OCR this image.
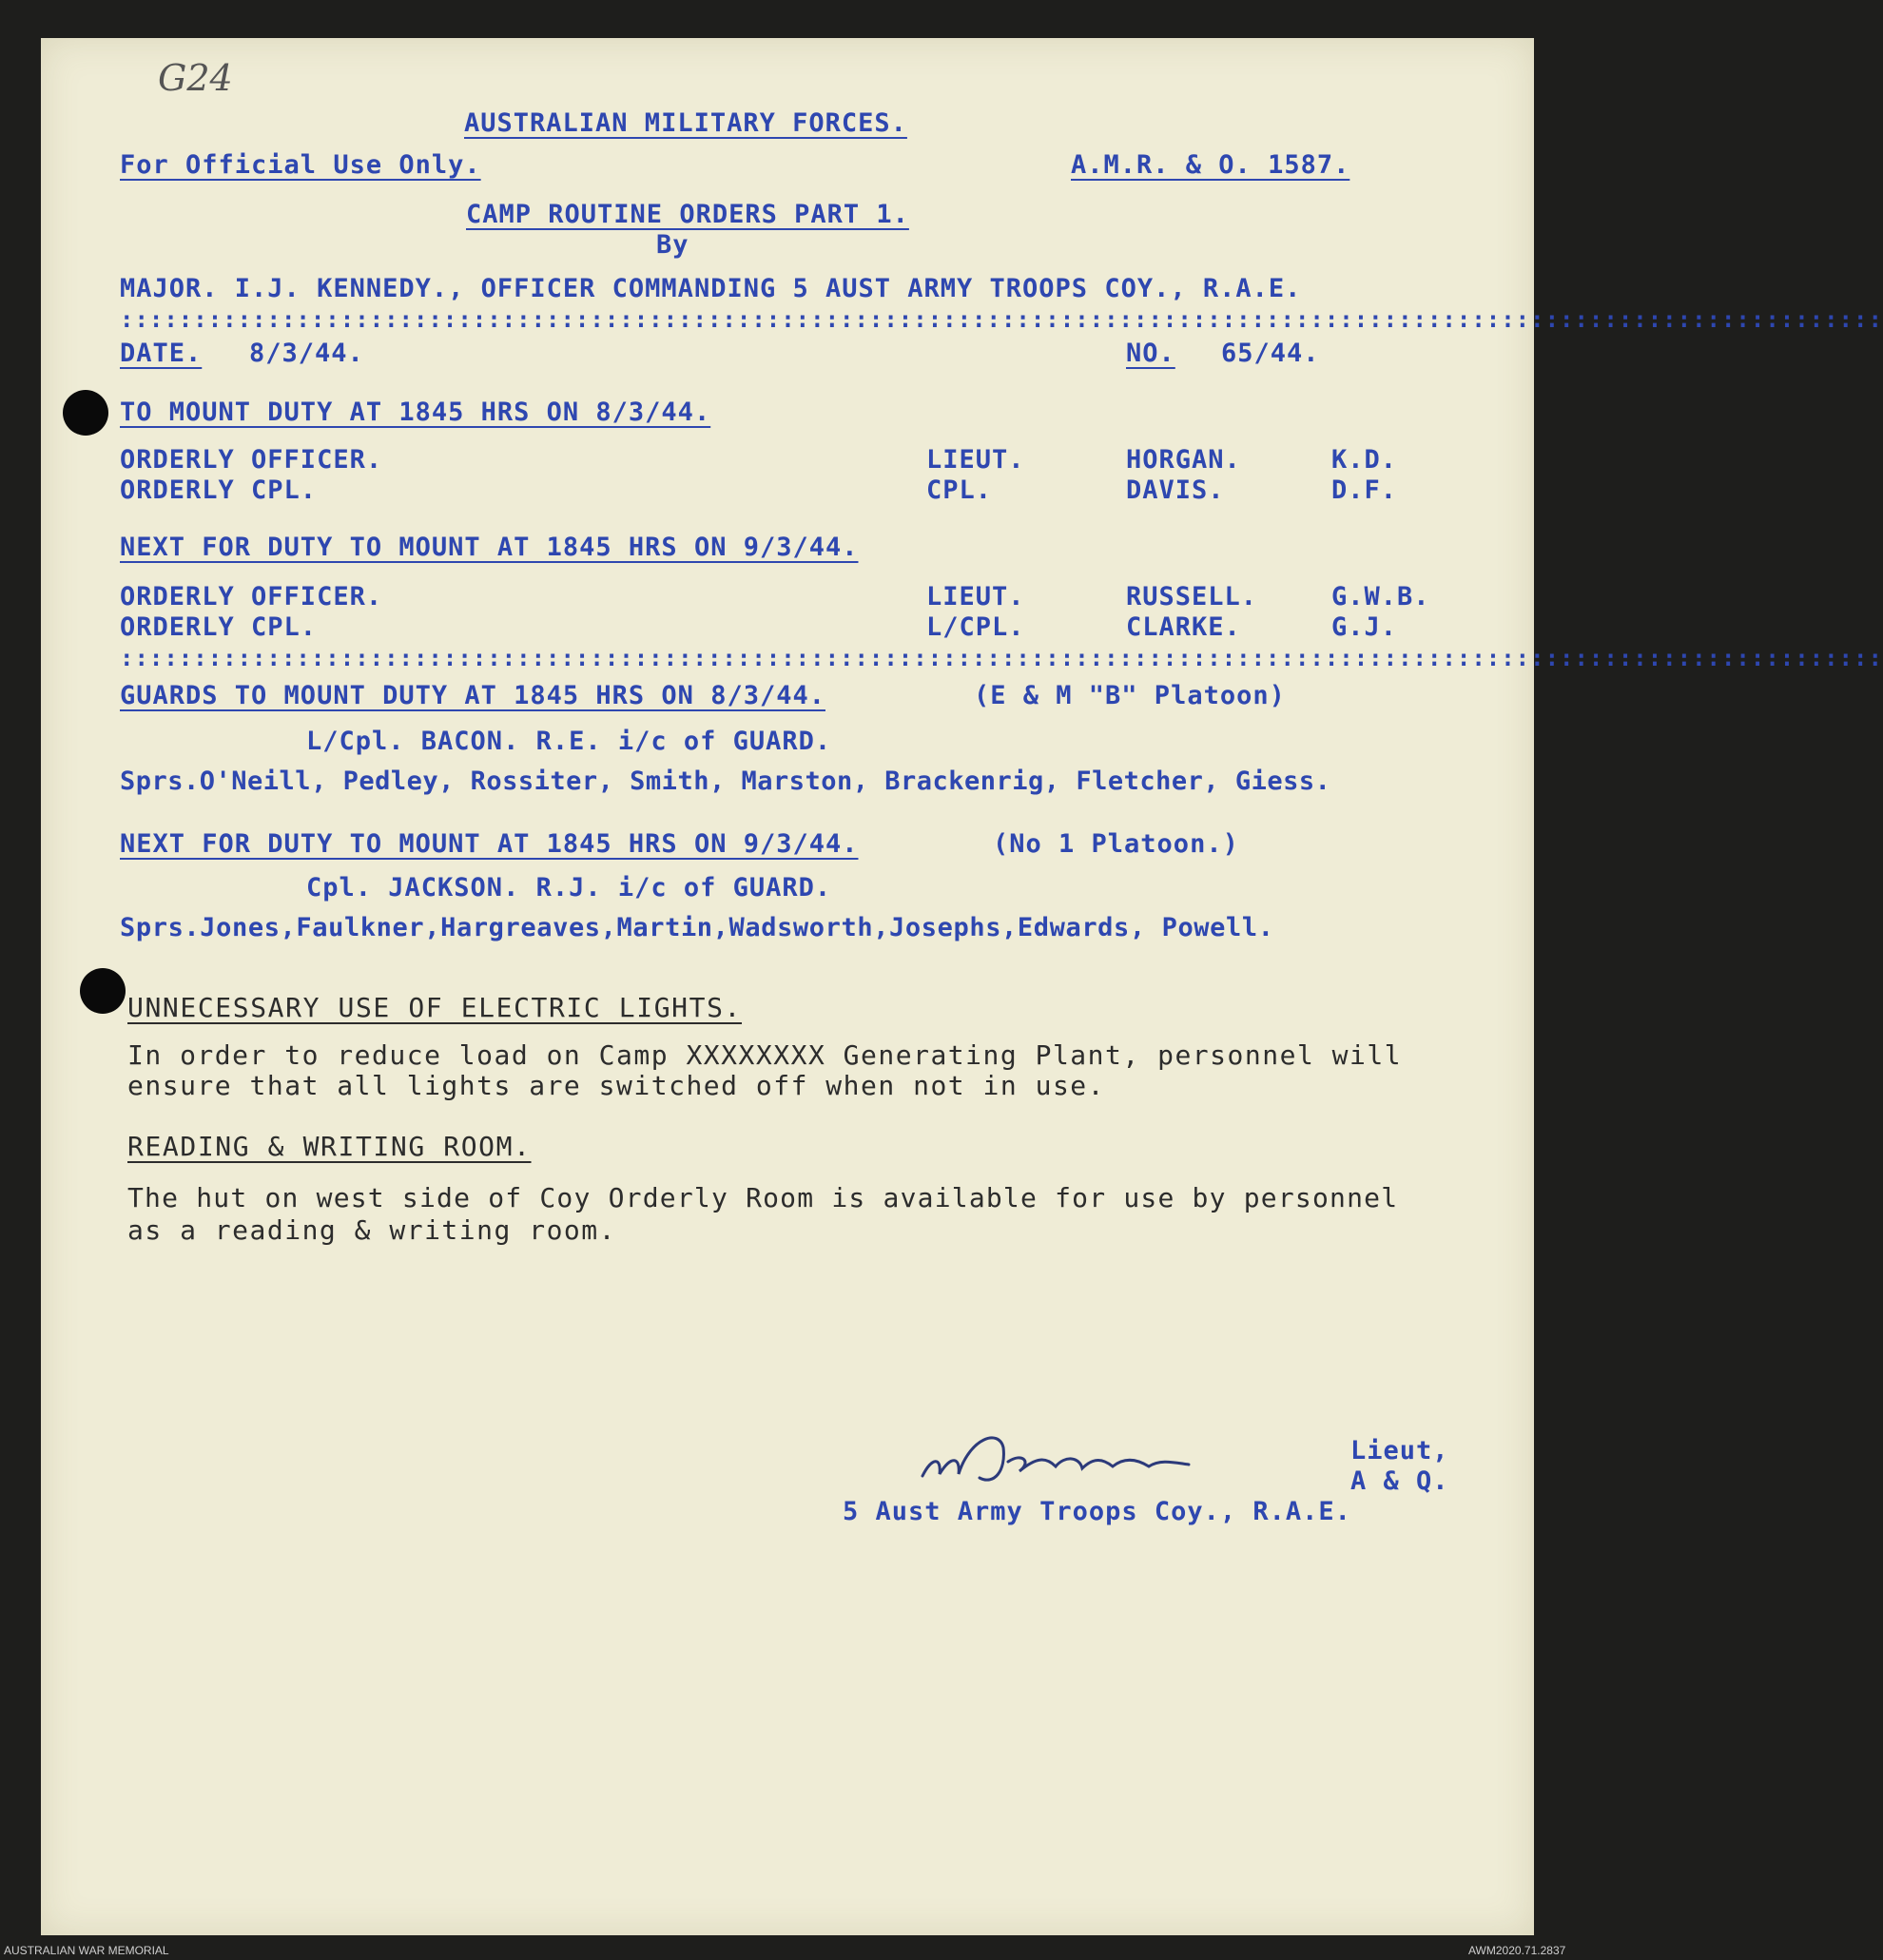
G24
AUSTRALIAN MILITARY FORCES.
For Official Use Only.	A.M.R. & O. 1587.
CAMP ROUTINE ORDERS PART 1.
By
MAJOR. I.J. KENNEDY., OFFICER COMMANDING 5 AUST ARMY TROOPS COY., R.A.E.
::::::::::::::::::::::::::::::::::::::::::::::::::::::::::::::::::::::::::::::::::::::::::::::::::::::::::::::::::::::::
DATE. 8/3/44.	NO. 65/44.
TO MOUNT DUTY AT 1845 HRS ON 8/3/44.
ORDERLY OFFICER.	LIEUT.	HORGAN.	K.D.
ORDERLY CPL.	CPL.	DAVIS.	D.F.
NEXT FOR DUTY TO MOUNT AT 1845 HRS ON 9/3/44.
ORDERLY OFFICER.	LIEUT.	RUSSELL.	G.W.B.
ORDERLY CPL.	L/CPL.	CLARKE.	G.J.
::::::::::::::::::::::::::::::::::::::::::::::::::::::::::::::::::::::::::::::::::::::::::::::::::::::::::::::::::::::::
GUARDS TO MOUNT DUTY AT 1845 HRS ON 8/3/44.	(E & M "B" Platoon)
L/Cpl. BACON. R.E. i/c of GUARD.
Sprs.O'Neill, Pedley, Rossiter, Smith, Marston, Brackenrig, Fletcher, Giess.
NEXT FOR DUTY TO MOUNT AT 1845 HRS ON 9/3/44.	(No 1 Platoon.)
Cpl. JACKSON. R.J. i/c of GUARD.
Sprs.Jones,Faulkner,Hargreaves,Martin,Wadsworth,Josephs,Edwards, Powell.
UNNECESSARY USE OF ELECTRIC LIGHTS.
In order to reduce load on Camp XXXXXXXX Generating Plant, personnel will
ensure that all lights are switched off when not in use.
READING & WRITING ROOM.
The hut on west side of Coy Orderly Room is available for use by personnel
as a reading & writing room.
Lieut,
A & Q.
5 Aust Army Troops Coy., R.A.E.
AUSTRALIAN WAR MEMORIAL	AWM2020.71.2837
